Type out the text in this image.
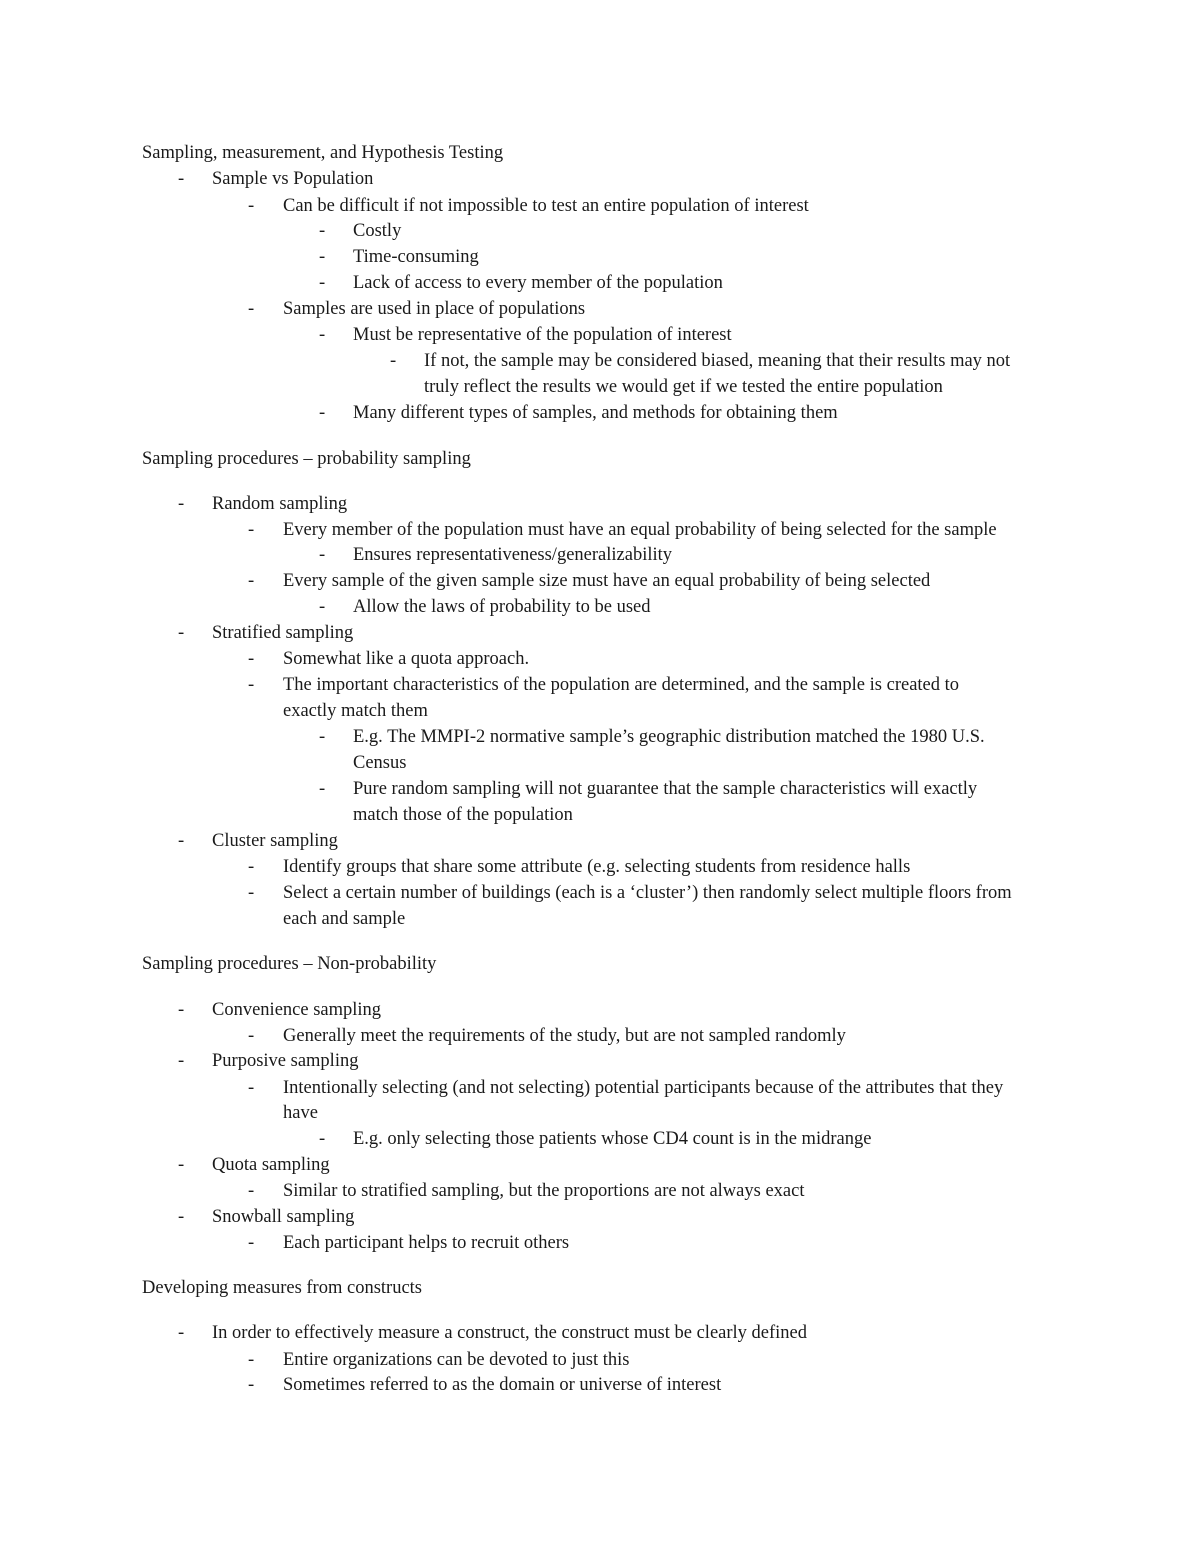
Sampling, measurement, and Hypothesis Testing
- Sample vs Population
- Can be difficult if not impossible to test an entire population of interest
- Costly
- Time-consuming
- Lack of access to every member of the population
- Samples are used in place of populations
- Must be representative of the population of interest
- If not, the sample may be considered biased, meaning that their results may not
truly reflect the results we would get if we tested the entire population
- Many different types of samples, and methods for obtaining them
Sampling procedures – probability sampling
- Random sampling
- Every member of the population must have an equal probability of being selected for the sample
- Ensures representativeness/generalizability
- Every sample of the given sample size must have an equal probability of being selected
- Allow the laws of probability to be used
- Stratified sampling
- Somewhat like a quota approach.
- The important characteristics of the population are determined, and the sample is created to
exactly match them
- E.g. The MMPI-2 normative sample’s geographic distribution matched the 1980 U.S.
Census
- Pure random sampling will not guarantee that the sample characteristics will exactly
match those of the population
- Cluster sampling
- Identify groups that share some attribute (e.g. selecting students from residence halls
- Select a certain number of buildings (each is a ‘cluster’) then randomly select multiple floors from
each and sample
Sampling procedures – Non-probability
- Convenience sampling
- Generally meet the requirements of the study, but are not sampled randomly
- Purposive sampling
- Intentionally selecting (and not selecting) potential participants because of the attributes that they
have
- E.g. only selecting those patients whose CD4 count is in the midrange
- Quota sampling
- Similar to stratified sampling, but the proportions are not always exact
- Snowball sampling
- Each participant helps to recruit others
Developing measures from constructs
- In order to effectively measure a construct, the construct must be clearly defined
- Entire organizations can be devoted to just this
- Sometimes referred to as the domain or universe of interest
